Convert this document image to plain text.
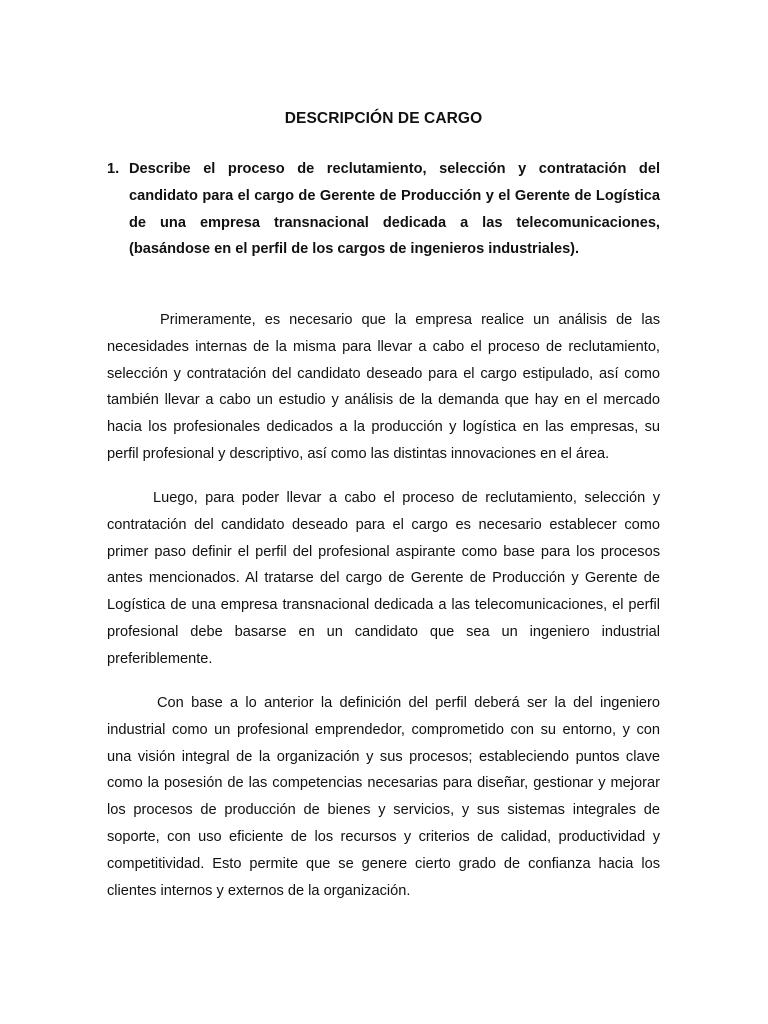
DESCRIPCIÓN DE CARGO
1. Describe el proceso de reclutamiento, selección y contratación del candidato para el cargo de Gerente de Producción y el Gerente de Logística de una empresa transnacional dedicada a las telecomunicaciones, (basándose en el perfil de los cargos de ingenieros industriales).

Primeramente, es necesario que la empresa realice un análisis de las necesidades internas de la misma para llevar a cabo el proceso de reclutamiento, selección y contratación del candidato deseado para el cargo estipulado, así como también llevar a cabo un estudio y análisis de la demanda que hay en el mercado hacia los profesionales dedicados a la producción y logística en las empresas, su perfil profesional y descriptivo, así como las distintas innovaciones en el área.

Luego, para poder llevar a cabo el proceso de reclutamiento, selección y contratación del candidato deseado para el cargo es necesario establecer como primer paso definir el perfil del profesional aspirante como base para los procesos antes mencionados. Al tratarse del cargo de Gerente de Producción y Gerente de Logística de una empresa transnacional dedicada a las telecomunicaciones, el perfil profesional debe basarse en un candidato que sea un ingeniero industrial preferiblemente.

Con base a lo anterior la definición del perfil deberá ser la del ingeniero industrial como un profesional emprendedor, comprometido con su entorno, y con una visión integral de la organización y sus procesos; estableciendo puntos clave como la posesión de las competencias necesarias para diseñar, gestionar y mejorar los procesos de producción de bienes y servicios, y sus sistemas integrales de soporte, con uso eficiente de los recursos y criterios de calidad, productividad y competitividad. Esto permite que se genere cierto grado de confianza hacia los clientes internos y externos de la organización.
